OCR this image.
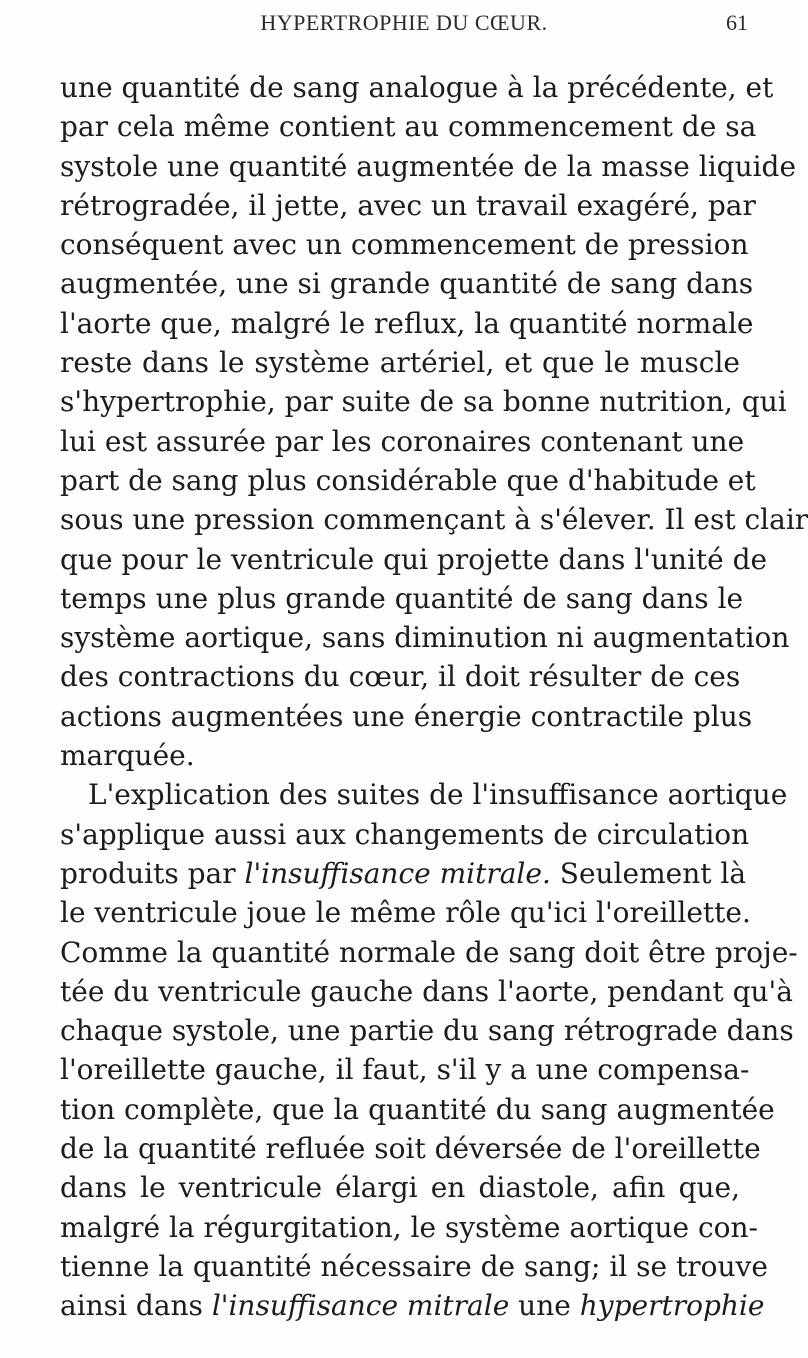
HYPERTROPHIE DU CŒUR.	61
une quantité de sang analogue à la précédente, et
par cela même contient au commencement de sa
systole une quantité augmentée de la masse liquide
rétrogradée, il jette, avec un travail exagéré, par
conséquent avec un commencement de pression
augmentée, une si grande quantité de sang dans
l'aorte que, malgré le reflux, la quantité normale
reste dans le système artériel, et que le muscle
s'hypertrophie, par suite de sa bonne nutrition, qui
lui est assurée par les coronaires contenant une
part de sang plus considérable que d'habitude et
sous une pression commençant à s'élever. Il est clair
que pour le ventricule qui projette dans l'unité de
temps une plus grande quantité de sang dans le
système aortique, sans diminution ni augmentation
des contractions du cœur, il doit résulter de ces
actions augmentées une énergie contractile plus
marquée.
L'explication des suites de l'insuffisance aortique
s'applique aussi aux changements de circulation
produits par l'insuffisance mitrale. Seulement là
le ventricule joue le même rôle qu'ici l'oreillette.
Comme la quantité normale de sang doit être proje-
tée du ventricule gauche dans l'aorte, pendant qu'à
chaque systole, une partie du sang rétrograde dans
l'oreillette gauche, il faut, s'il y a une compensa-
tion complète, que la quantité du sang augmentée
de la quantité refluée soit déversée de l'oreillette
dans le ventricule élargi en diastole, afin que,
malgré la régurgitation, le système aortique con-
tienne la quantité nécessaire de sang; il se trouve
ainsi dans l'insuffisance mitrale une hypertrophie
